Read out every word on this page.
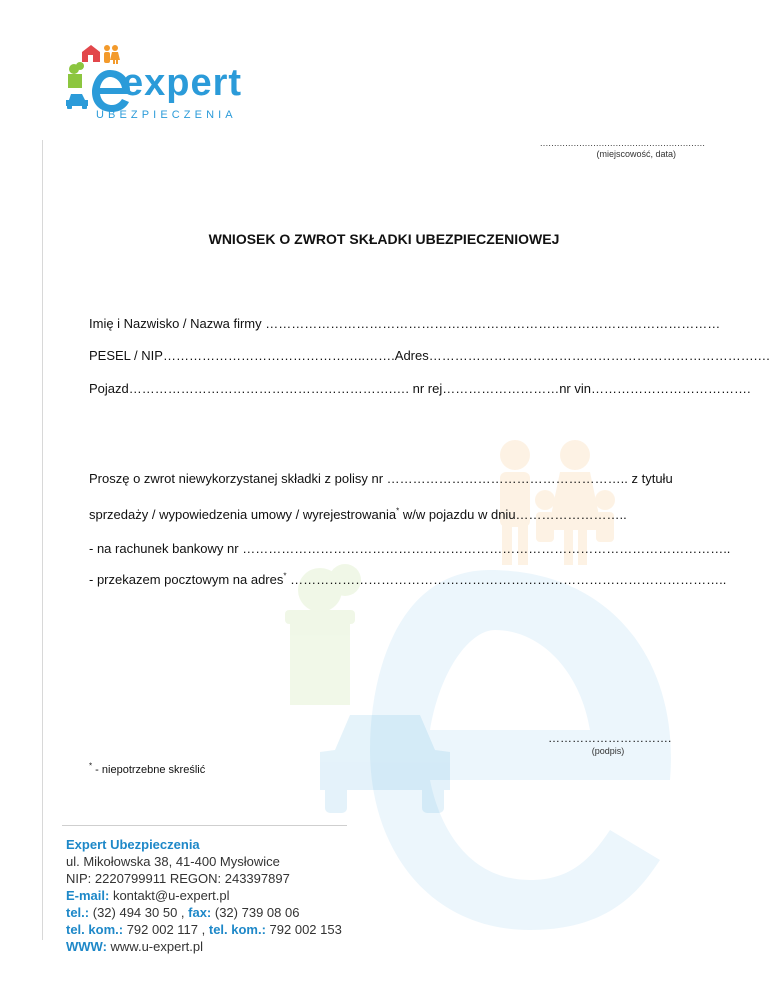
expert
UBEZPIECZENIA
...........................................................
(miejscowość, data)
WNIOSEK O ZWROT SKŁADKI UBEZPIECZENIOWEJ
Imię i Nazwisko / Nazwa firmy ……………………………………………………………………………………………
PESEL / NIP………………………………………..…….Adres………………………………………………………………….…
Pojazd…………………………………………………….…. nr rej………………………nr vin……………………………….
Proszę o zwrot niewykorzystanej składki z polisy nr ……………………………………………….. z tytułu
sprzedaży / wypowiedzenia umowy / wyrejestrowania* w/w pojazdu w dniu……………………..
- na rachunek bankowy nr …………………………………………………………………………………………………..
- przekazem pocztowym na adres* ………………………………………………………………………………………..
………………………….
(podpis)
* - niepotrzebne skreślić
Expert Ubezpieczenia
ul. Mikołowska 38, 41-400 Mysłowice
NIP: 2220799911 REGON: 243397897
E-mail: kontakt@u-expert.pl
tel.: (32) 494 30 50 , fax: (32) 739 08 06
tel. kom.: 792 002 117 , tel. kom.: 792 002 153
WWW: www.u-expert.pl
